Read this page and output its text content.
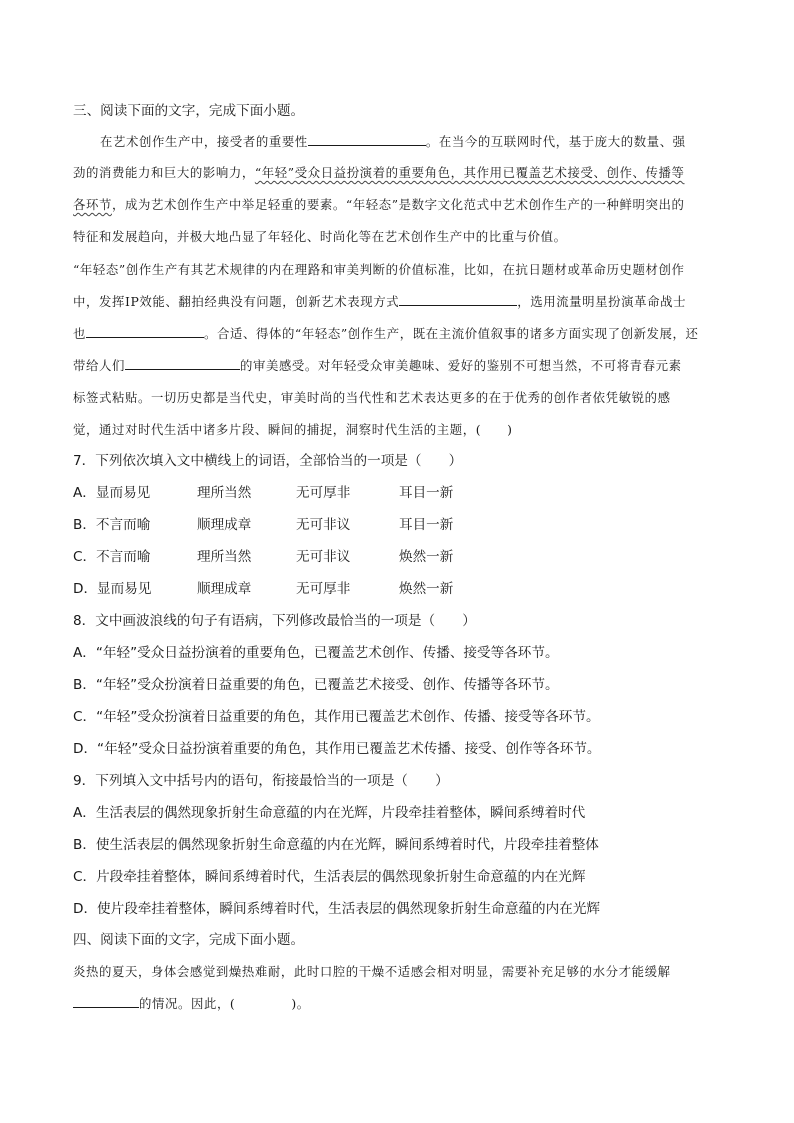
三、阅读下面的文字，完成下面小题。
在艺术创作生产中，接受者的重要性	。在当今的互联网时代，基于庞大的数量、强
劲的消费能力和巨大的影响力，“年轻”受众日益扮演着的重要角色，其作用已覆盖艺术接受、创作、传播等
各环节，成为艺术创作生产中举足轻重的要素。“年轻态”是数字文化范式中艺术创作生产的一种鲜明突出的
特征和发展趋向，并极大地凸显了年轻化、时尚化等在艺术创作生产中的比重与价值。
“年轻态”创作生产有其艺术规律的内在理路和审美判断的价值标准，比如，在抗日题材或革命历史题材创作
中，发挥IP效能、翻拍经典没有问题，创新艺术表现方式	，选用流量明星扮演革命战士
也	。合适、得体的“年轻态”创作生产，既在主流价值叙事的诸多方面实现了创新发展，还
带给人们	的审美感受。对年轻受众审美趣味、爱好的鉴别不可想当然，不可将青春元素
标签式粘贴。一切历史都是当代史，审美时尚的当代性和艺术表达更多的在于优秀的创作者依凭敏锐的感
觉，通过对时代生活中诸多片段、瞬间的捕捉，洞察时代生活的主题，(　　)
7．下列依次填入文中横线上的词语，全部恰当的一项是（　　）
A．显而易见	理所当然	无可厚非	耳目一新
B．不言而喻	顺理成章	无可非议	耳目一新
C．不言而喻	理所当然	无可非议	焕然一新
D．显而易见	顺理成章	无可厚非	焕然一新
8．文中画波浪线的句子有语病，下列修改最恰当的一项是（　　）
A．“年轻”受众日益扮演着的重要角色，已覆盖艺术创作、传播、接受等各环节。
B．“年轻”受众扮演着日益重要的角色，已覆盖艺术接受、创作、传播等各环节。
C．“年轻”受众扮演着日益重要的角色，其作用已覆盖艺术创作、传播、接受等各环节。
D．“年轻”受众日益扮演着重要的角色，其作用已覆盖艺术传播、接受、创作等各环节。
9．下列填入文中括号内的语句，衔接最恰当的一项是（　　）
A．生活表层的偶然现象折射生命意蕴的内在光辉，片段牵挂着整体，瞬间系缚着时代
B．使生活表层的偶然现象折射生命意蕴的内在光辉，瞬间系缚着时代，片段牵挂着整体
C．片段牵挂着整体，瞬间系缚着时代，生活表层的偶然现象折射生命意蕴的内在光辉
D．使片段牵挂着整体，瞬间系缚着时代，生活表层的偶然现象折射生命意蕴的内在光辉
四、阅读下面的文字，完成下面小题。
炎热的夏天，身体会感觉到燥热难耐，此时口腔的干燥不适感会相对明显，需要补充足够的水分才能缓解
的情况。因此，(	)。
